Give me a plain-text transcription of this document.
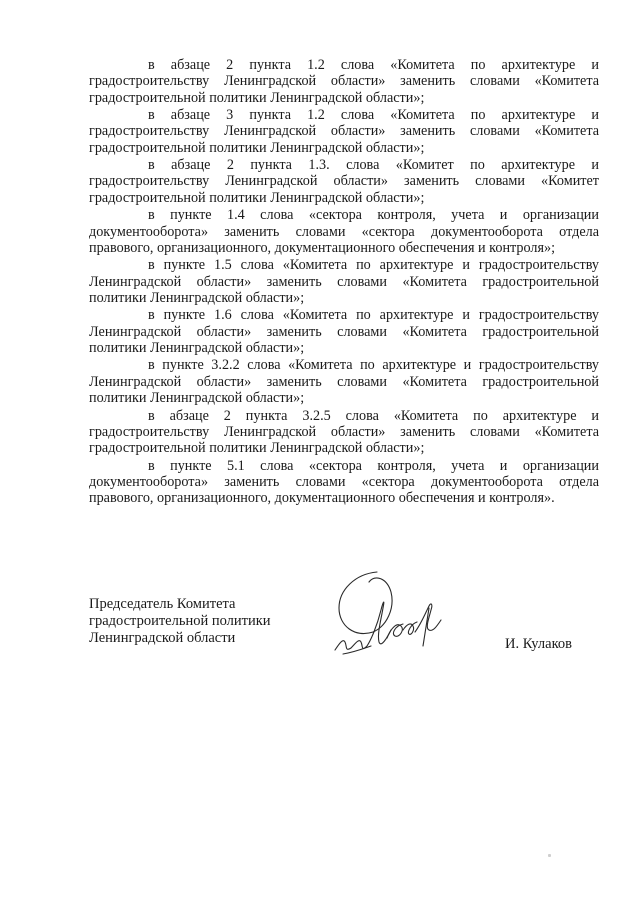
в абзаце 2 пункта 1.2 слова «Комитета по архитектуре и градостроительству Ленинградской области» заменить словами «Комитета градостроительной политики Ленинградской области»;

в абзаце 3 пункта 1.2 слова «Комитета по архитектуре и градостроительству Ленинградской области» заменить словами «Комитета градостроительной политики Ленинградской области»;

в абзаце 2 пункта 1.3. слова «Комитет по архитектуре и градостроительству Ленинградской области» заменить словами «Комитет градостроительной политики Ленинградской области»;

в пункте 1.4 слова «сектора контроля, учета и организации документооборота» заменить словами «сектора документооборота отдела правового, организационного, документационного обеспечения и контроля»;

в пункте 1.5 слова «Комитета по архитектуре и градостроительству Ленинградской области» заменить словами «Комитета градостроительной политики Ленинградской области»;

в пункте 1.6 слова «Комитета по архитектуре и градостроительству Ленинградской области» заменить словами «Комитета градостроительной политики Ленинградской области»;

в пункте 3.2.2 слова «Комитета по архитектуре и градостроительству Ленинградской области» заменить словами «Комитета градостроительной политики Ленинградской области»;

в абзаце 2 пункта 3.2.5 слова «Комитета по архитектуре и градостроительству Ленинградской области» заменить словами «Комитета градостроительной политики Ленинградской области»;

в пункте 5.1 слова «сектора контроля, учета и организации документооборота» заменить словами «сектора документооборота отдела правового, организационного, документационного обеспечения и контроля».

Председатель Комитета
градостроительной политики
Ленинградской области	И. Кулаков
